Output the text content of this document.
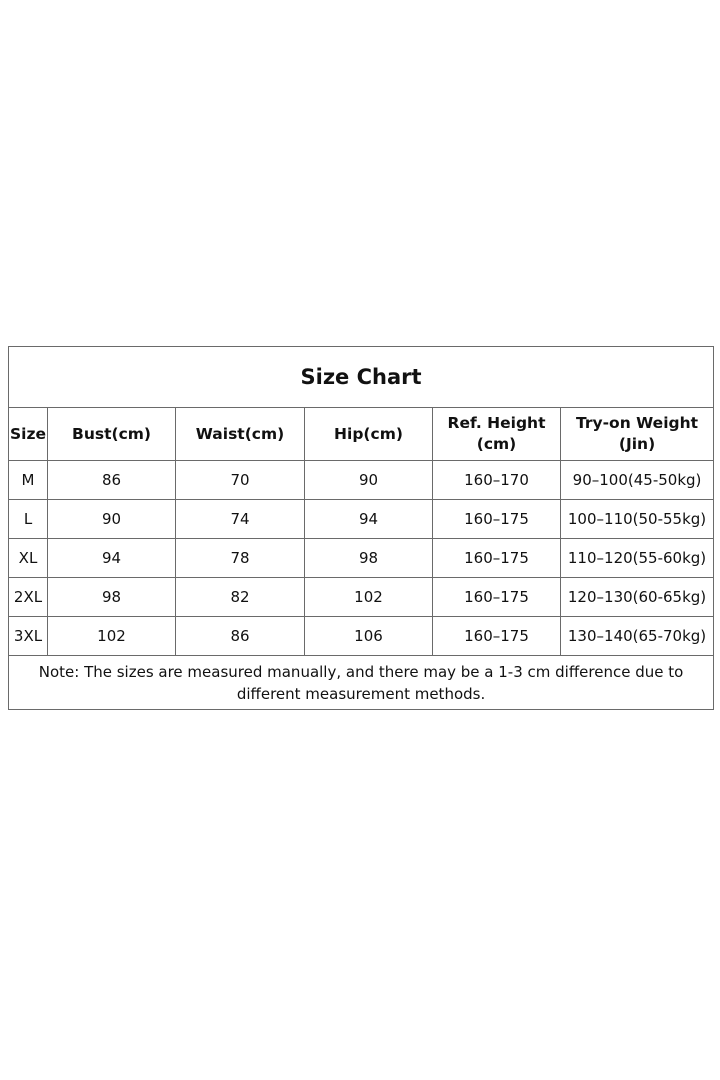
Size Chart					
Size	Bust(cm)	Waist(cm)	Hip(cm)	Ref. Height (cm)	Try-on Weight (Jin)
M	86	70	90	160–170	90–100(45-50kg)
L	90	74	94	160–175	100–110(50-55kg)
XL	94	78	98	160–175	110–120(55-60kg)
2XL	98	82	102	160–175	120–130(60-65kg)
3XL	102	86	106	160–175	130–140(65-70kg)
Note: The sizes are measured manually, and there may be a 1-3 cm difference due to different measurement methods.					
